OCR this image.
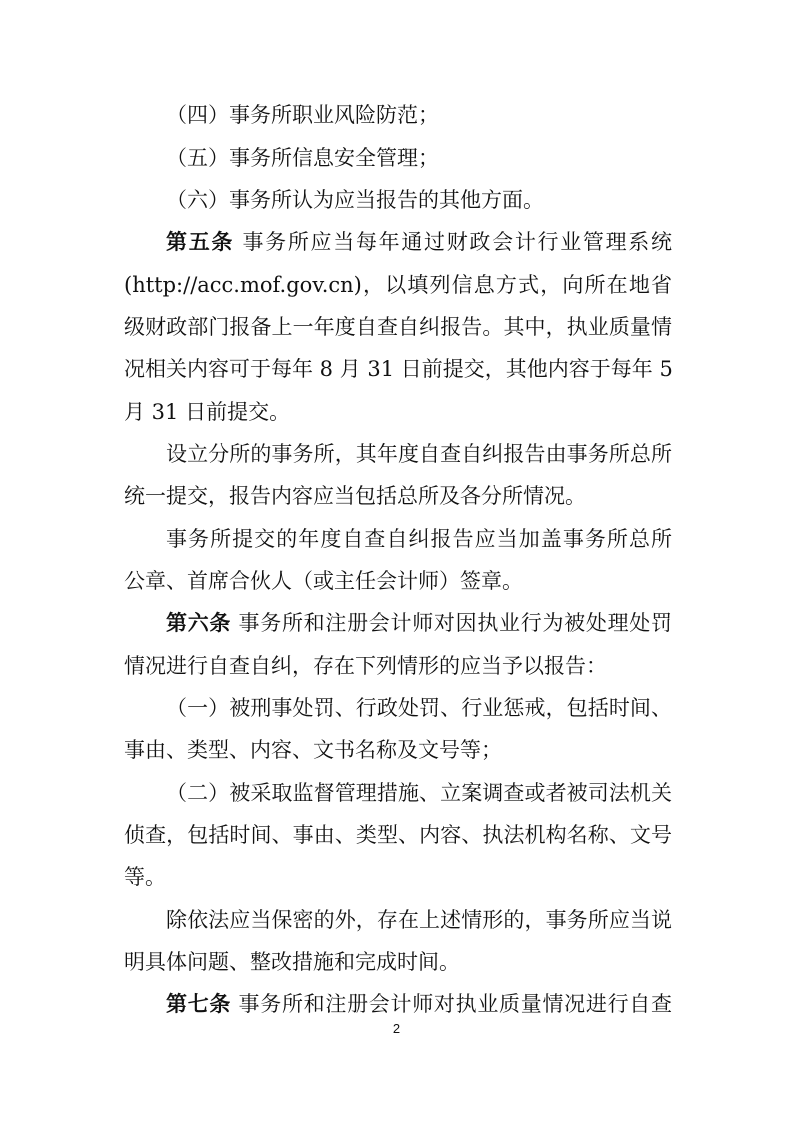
（四）事务所职业风险防范；
（五）事务所信息安全管理；
（六）事务所认为应当报告的其他方面。
第五条 事务所应当每年通过财政会计行业管理系统
(http://acc.mof.gov.cn)，以填列信息方式，向所在地省
级财政部门报备上一年度自查自纠报告。其中，执业质量情
况相关内容可于每年 8 月 31 日前提交，其他内容于每年 5
月 31 日前提交。
设立分所的事务所，其年度自查自纠报告由事务所总所
统一提交，报告内容应当包括总所及各分所情况。
事务所提交的年度自查自纠报告应当加盖事务所总所
公章、首席合伙人（或主任会计师）签章。
第六条 事务所和注册会计师对因执业行为被处理处罚
情况进行自查自纠，存在下列情形的应当予以报告：
（一）被刑事处罚、行政处罚、行业惩戒，包括时间、
事由、类型、内容、文书名称及文号等；
（二）被采取监督管理措施、立案调查或者被司法机关
侦查，包括时间、事由、类型、内容、执法机构名称、文号
等。
除依法应当保密的外，存在上述情形的，事务所应当说
明具体问题、整改措施和完成时间。
第七条 事务所和注册会计师对执业质量情况进行自查
2
